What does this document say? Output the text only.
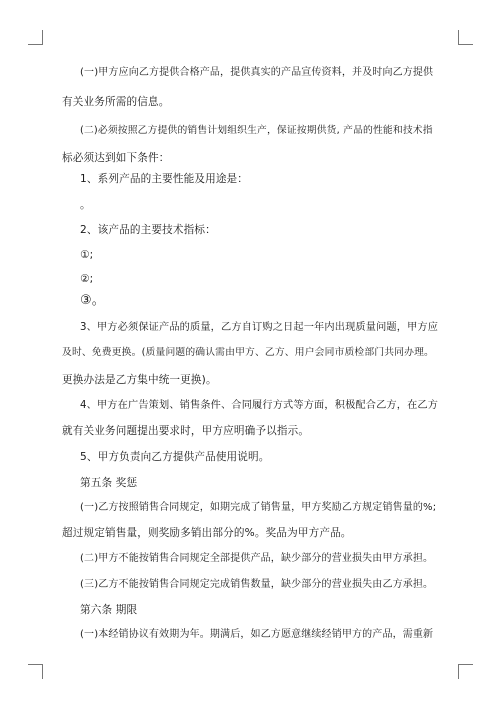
(一)甲方应向乙方提供合格产品，提供真实的产品宣传资料，并及时向乙方提供
有关业务所需的信息。
(二)必须按照乙方提供的销售计划组织生产，保证按期供货, 产品的性能和技术指
标必须达到如下条件：
1、系列产品的主要性能及用途是：
。
2、该产品的主要技术指标：
①;
②;
③。
3、甲方必须保证产品的质量，乙方自订购之日起一年内出现质量问题，甲方应
及时、免费更换。(质量问题的确认需由甲方、乙方、用户会同市质检部门共同办理。
更换办法是乙方集中统一更换)。
4、甲方在广告策划、销售条件、合同履行方式等方面，积极配合乙方，在乙方
就有关业务问题提出要求时，甲方应明确予以指示。
5、甲方负责向乙方提供产品使用说明。
第五条 奖惩
(一)乙方按照销售合同规定，如期完成了销售量，甲方奖励乙方规定销售量的%;
超过规定销售量，则奖励多销出部分的%。奖品为甲方产品。
(二)甲方不能按销售合同规定全部提供产品，缺少部分的营业损失由甲方承担。
(三)乙方不能按销售合同规定完成销售数量，缺少部分的营业损失由乙方承担。
第六条 期限
(一)本经销协议有效期为年。期满后，如乙方愿意继续经销甲方的产品，需重新
